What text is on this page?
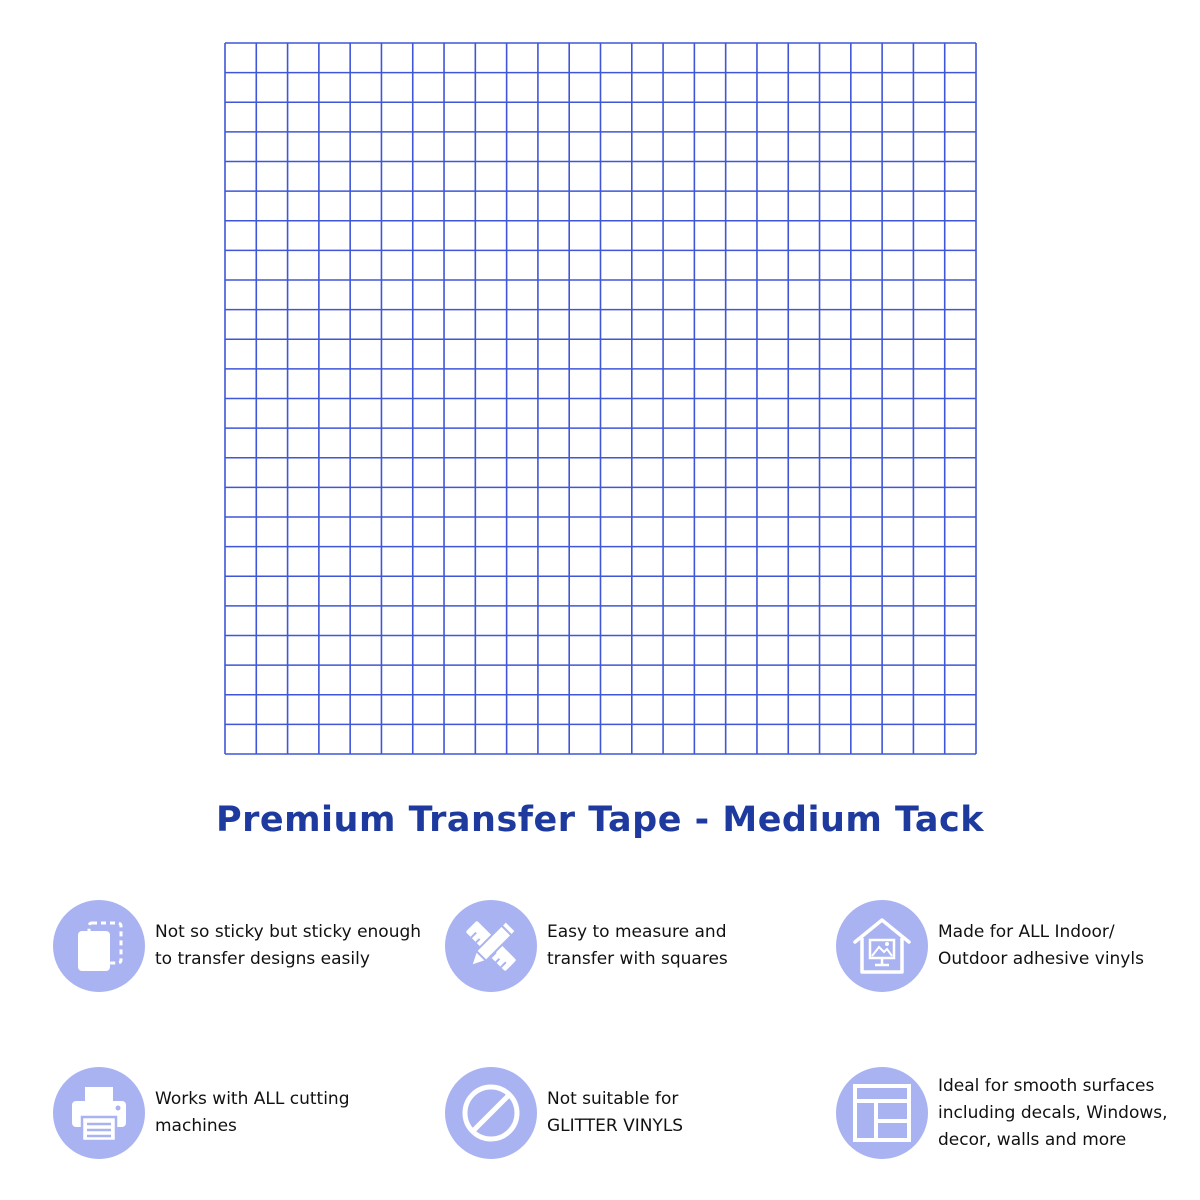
Premium Transfer Tape - Medium Tack
Not so sticky but sticky enough
to transfer designs easily
Easy to measure and
transfer with squares
Made for ALL Indoor/
Outdoor adhesive vinyls
Works with ALL cutting
machines
Not suitable for
GLITTER VINYLS
Ideal for smooth surfaces
including decals, Windows,
decor, walls and more
